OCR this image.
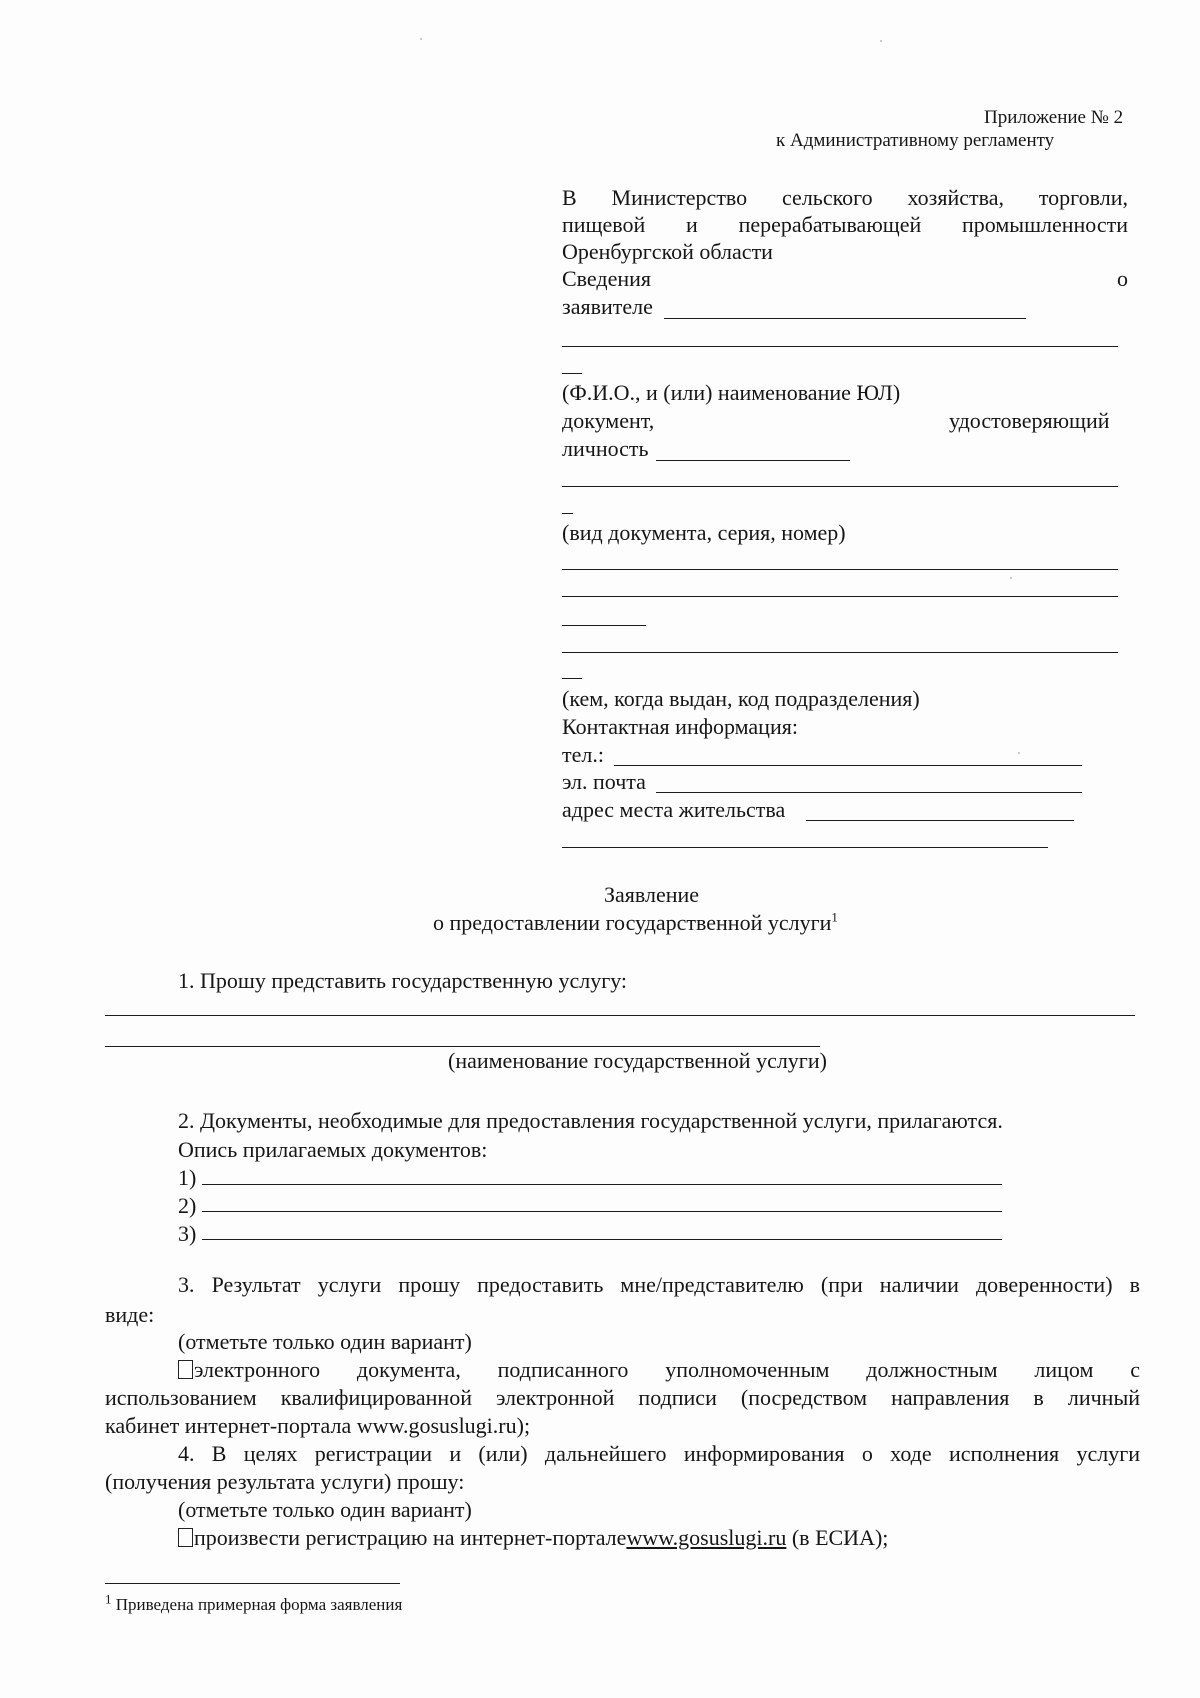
Приложение № 2
к Административному регламенту
В Министерство сельского хозяйства, торговли,
пищевой и перерабатывающей промышленности
Оренбургской области
Сведения	о
заявителе
(Ф.И.О., и (или) наименование ЮЛ)
документ,	удостоверяющий
личность
(вид документа, серия, номер)
(кем, когда выдан, код подразделения)
Контактная информация:
тел.:
эл. почта
адрес места жительства
Заявление
о предоставлении государственной услуги$^1$
1. Прошу представить государственную услугу:
(наименование государственной услуги)
2. Документы, необходимые для предоставления государственной услуги, прилагаются.
Опись прилагаемых документов:
1)
2)
3)
3. Результат услуги прошу предоставить мне/представителю (при наличии доверенности) в
виде:
(отметьте только один вариант)
электронного документа, подписанного уполномоченным должностным лицом с
использованием квалифицированной электронной подписи (посредством направления в личный
кабинет интернет-портала www.gosuslugi.ru);
4. В целях регистрации и (или) дальнейшего информирования о ходе исполнения услуги
(получения результата услуги) прошу:
(отметьте только один вариант)
произвести регистрацию на интернет-порталеwww.gosuslugi.ru (в ЕСИА);
$^1$ Приведена примерная форма заявления
